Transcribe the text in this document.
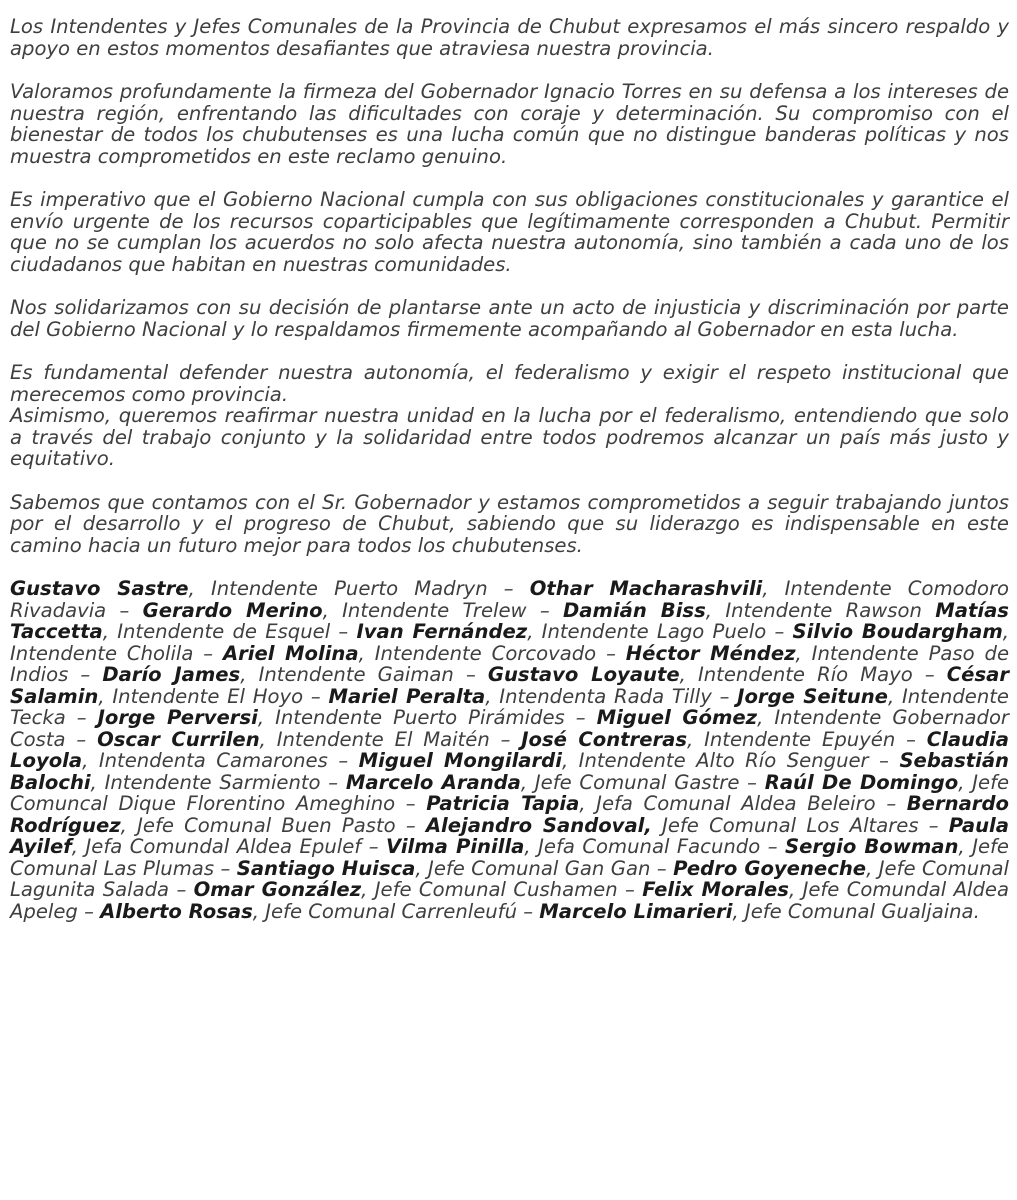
Los Intendentes y Jefes Comunales de la Provincia de Chubut expresamos el más sincero respaldo y apoyo en estos momentos desafiantes que atraviesa nuestra provincia.
Valoramos profundamente la firmeza del Gobernador Ignacio Torres en su defensa a los intereses de nuestra región, enfrentando las dificultades con coraje y determinación. Su compromiso con el bienestar de todos los chubutenses es una lucha común que no distingue banderas políticas y nos muestra comprometidos en este reclamo genuino.
Es imperativo que el Gobierno Nacional cumpla con sus obligaciones constitucionales y garantice el envío urgente de los recursos coparticipables que legítimamente corresponden a Chubut. Permitir que no se cumplan los acuerdos no solo afecta nuestra autonomía, sino también a cada uno de los ciudadanos que habitan en nuestras comunidades.
Nos solidarizamos con su decisión de plantarse ante un acto de injusticia y discriminación por parte del Gobierno Nacional y lo respaldamos firmemente acompañando al Gobernador en esta lucha.
Es fundamental defender nuestra autonomía, el federalismo y exigir el respeto institucional que merecemos como provincia.
Asimismo, queremos reafirmar nuestra unidad en la lucha por el federalismo, entendiendo que solo a través del trabajo conjunto y la solidaridad entre todos podremos alcanzar un país más justo y equitativo.
Sabemos que contamos con el Sr. Gobernador y estamos comprometidos a seguir trabajando juntos por el desarrollo y el progreso de Chubut, sabiendo que su liderazgo es indispensable en este camino hacia un futuro mejor para todos los chubutenses.
Gustavo Sastre, Intendente Puerto Madryn – Othar Macharashvili, Intendente Comodoro Rivadavia – Gerardo Merino, Intendente Trelew – Damián Biss, Intendente Rawson Matías Taccetta, Intendente de Esquel – Ivan Fernández, Intendente Lago Puelo – Silvio Boudargham, Intendente Cholila – Ariel Molina, Intendente Corcovado – Héctor Méndez, Intendente Paso de Indios – Darío James, Intendente Gaiman – Gustavo Loyaute, Intendente Río Mayo – César Salamin, Intendente El Hoyo – Mariel Peralta, Intendenta Rada Tilly – Jorge Seitune, Intendente Tecka – Jorge Perversi, Intendente Puerto Pirámides – Miguel Gómez, Intendente Gobernador Costa – Oscar Currilen, Intendente El Maitén – José Contreras, Intendente Epuyén – Claudia Loyola, Intendenta Camarones – Miguel Mongilardi, Intendente Alto Río Senguer – Sebastián Balochi, Intendente Sarmiento – Marcelo Aranda, Jefe Comunal Gastre – Raúl De Domingo, Jefe Comuncal Dique Florentino Ameghino – Patricia Tapia, Jefa Comunal Aldea Beleiro – Bernardo Rodríguez, Jefe Comunal Buen Pasto – Alejandro Sandoval, Jefe Comunal Los Altares – Paula Ayilef, Jefa Comundal Aldea Epulef – Vilma Pinilla, Jefa Comunal Facundo – Sergio Bowman, Jefe Comunal Las Plumas – Santiago Huisca, Jefe Comunal Gan Gan – Pedro Goyeneche, Jefe Comunal Lagunita Salada – Omar González, Jefe Comunal Cushamen – Felix Morales, Jefe Comundal Aldea Apeleg – Alberto Rosas, Jefe Comunal Carrenleufú – Marcelo Limarieri, Jefe Comunal Gualjaina.
